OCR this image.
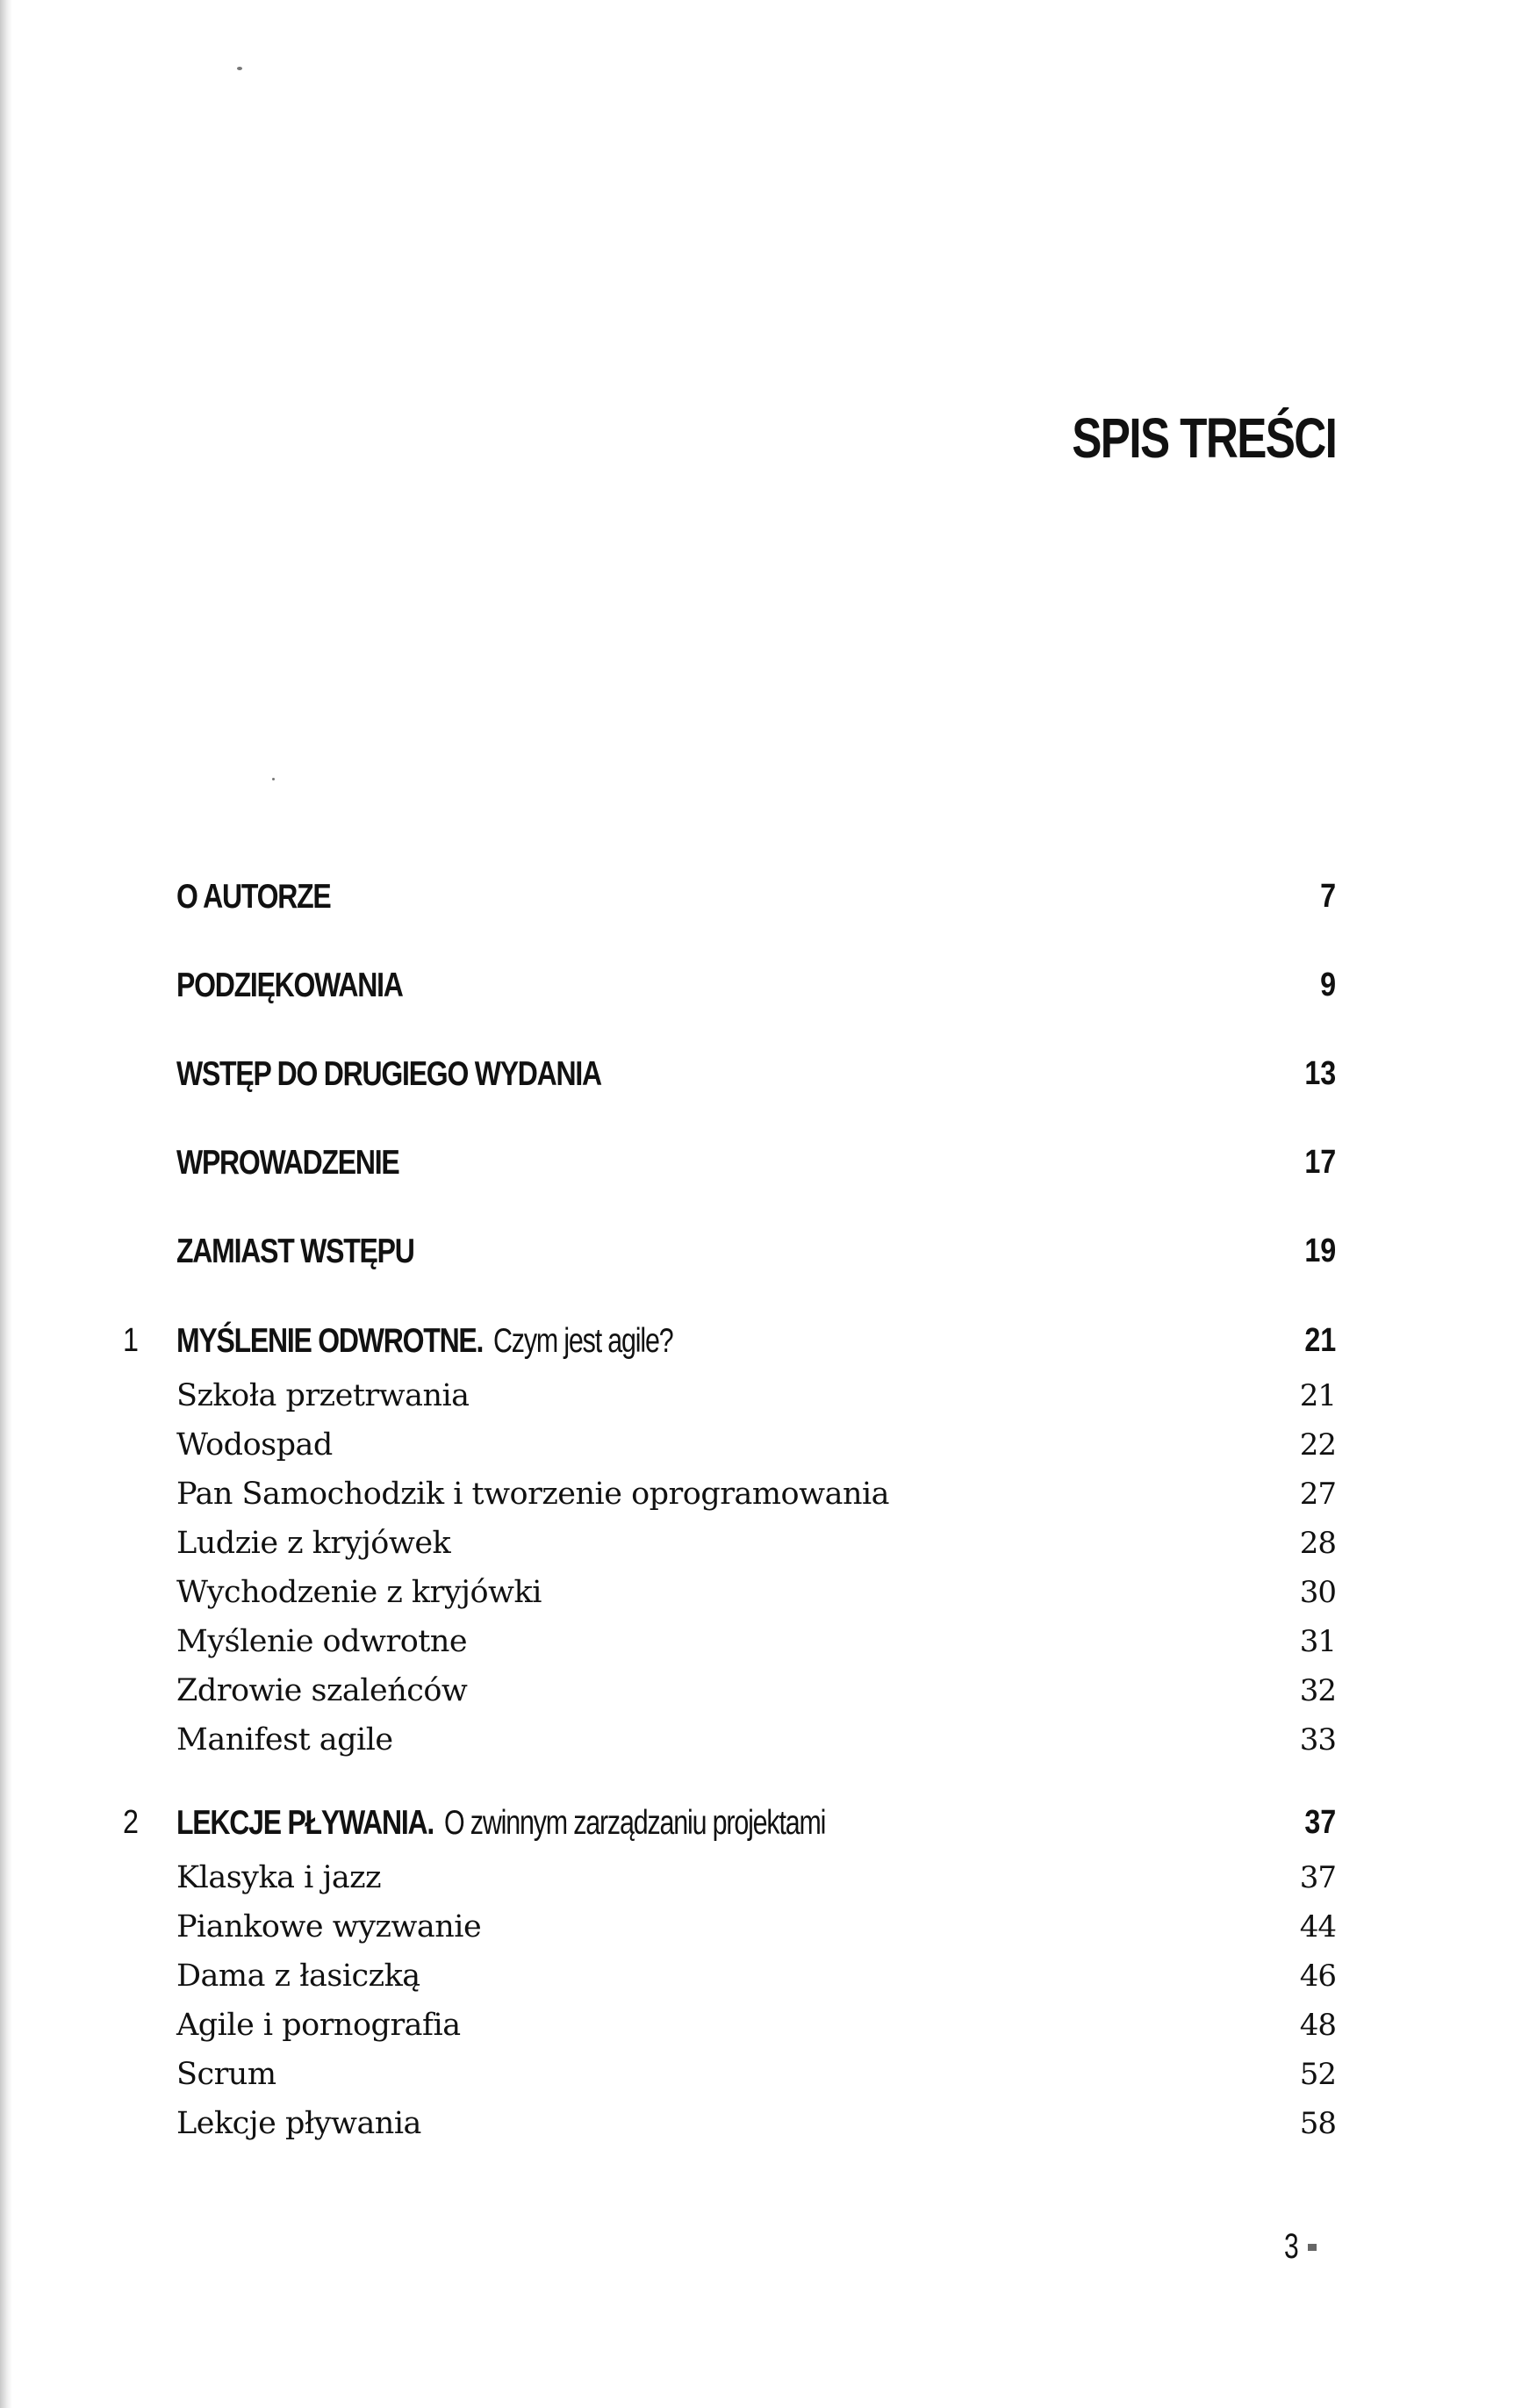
SPIS TREŚCI
O AUTORZE	7
PODZIĘKOWANIA	9
WSTĘP DO DRUGIEGO WYDANIA	13
WPROWADZENIE	17
ZAMIAST WSTĘPU	19
1 MYŚLENIE ODWROTNE. Czym jest agile?	21
Szkoła przetrwania	21
Wodospad	22
Pan Samochodzik i tworzenie oprogramowania	27
Ludzie z kryjówek	28
Wychodzenie z kryjówki	30
Myślenie odwrotne	31
Zdrowie szaleńców	32
Manifest agile	33
2 LEKCJE PŁYWANIA. O zwinnym zarządzaniu projektami	37
Klasyka i jazz	37
Piankowe wyzwanie	44
Dama z łasiczką	46
Agile i pornografia	48
Scrum	52
Lekcje pływania	58
3
